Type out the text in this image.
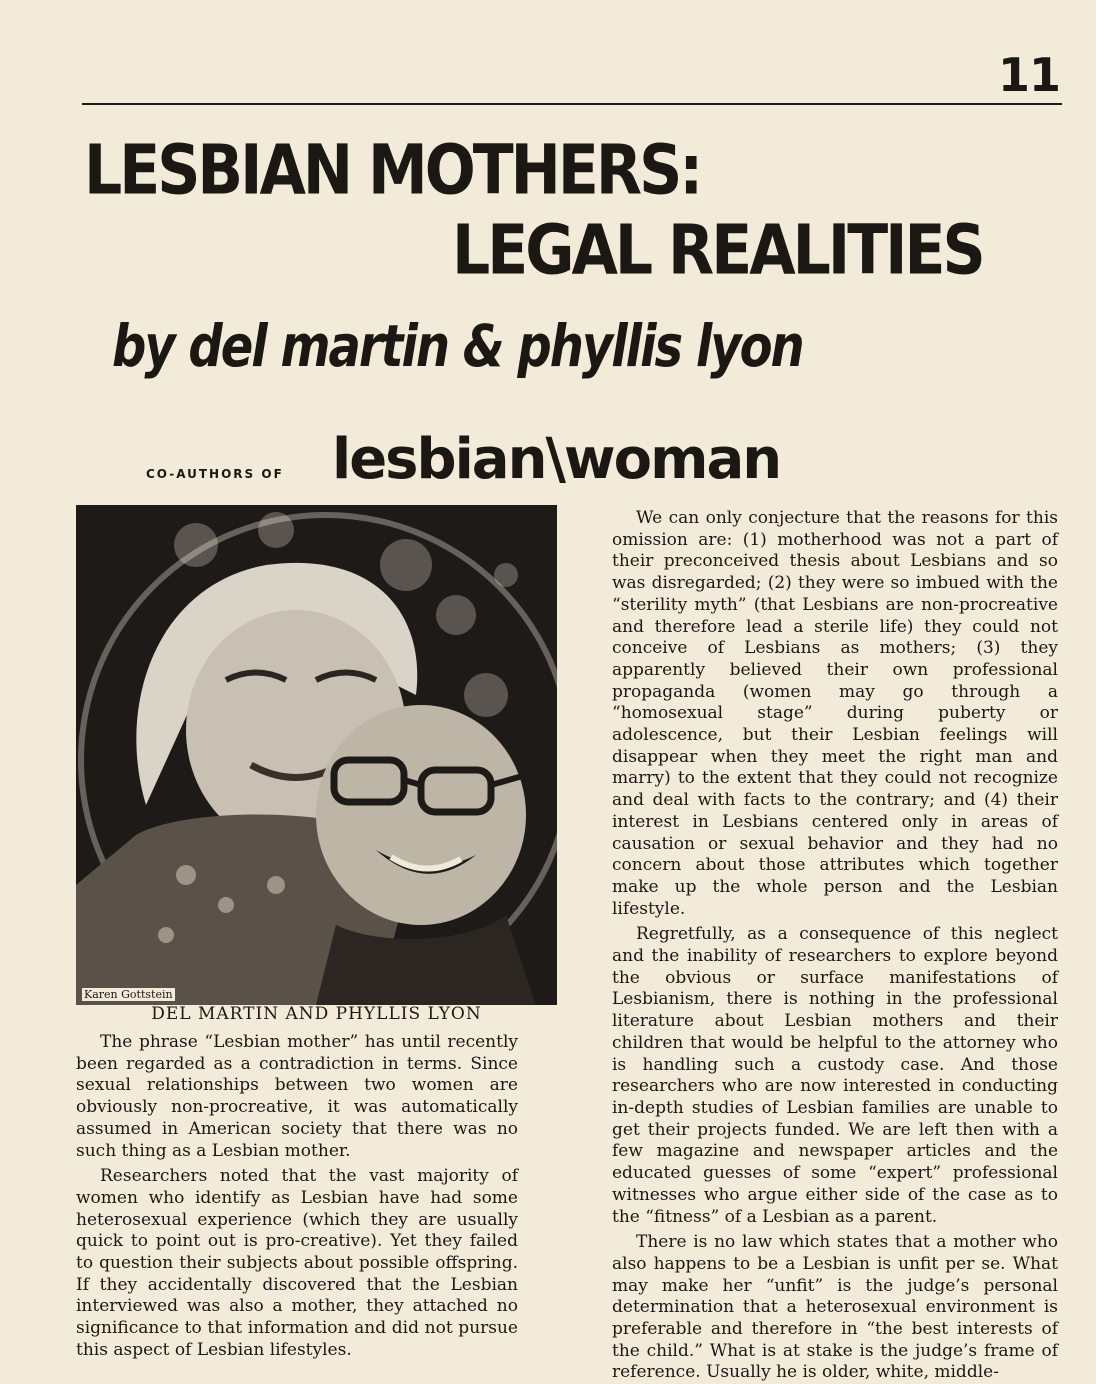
11
LESBIAN MOTHERS:
LEGAL REALITIES
by del martin & phyllis lyon
CO-AUTHORS OF lesbian\woman
Karen Gottstein
DEL MARTIN AND PHYLLIS LYON

The phrase “Lesbian mother” has until recently been regarded as a contradiction in terms. Since sexual relationships between two women are obviously non-procreative, it was automatically assumed in American society that there was no such thing as a Lesbian mother.

Researchers noted that the vast majority of women who identify as Lesbian have had some heterosexual experience (which they are usually quick to point out is pro-creative). Yet they failed to question their subjects about possible offspring. If they accidentally discovered that the Lesbian interviewed was also a mother, they attached no significance to that information and did not pursue this aspect of Lesbian lifestyles.

We can only conjecture that the reasons for this omission are: (1) motherhood was not a part of their preconceived thesis about Lesbians and so was disregarded; (2) they were so imbued with the “sterility myth” (that Lesbians are non-procreative and therefore lead a sterile life) they could not conceive of Lesbians as mothers; (3) they apparently believed their own professional propaganda (women may go through a “homosexual stage” during puberty or adolescence, but their Lesbian feelings will disappear when they meet the right man and marry) to the extent that they could not recognize and deal with facts to the contrary; and (4) their interest in Lesbians centered only in areas of causation or sexual behavior and they had no concern about those attributes which together make up the whole person and the Lesbian lifestyle.

Regretfully, as a consequence of this neglect and the inability of researchers to explore beyond the obvious or surface manifestations of Lesbianism, there is nothing in the professional literature about Lesbian mothers and their children that would be helpful to the attorney who is handling such a custody case. And those researchers who are now interested in conducting in-depth studies of Lesbian families are unable to get their projects funded. We are left then with a few magazine and newspaper articles and the educated guesses of some “expert” professional witnesses who argue either side of the case as to the “fitness” of a Lesbian as a parent.

There is no law which states that a mother who also happens to be a Lesbian is unfit per se. What may make her “unfit” is the judge’s personal determination that a heterosexual environment is preferable and therefore in “the best interests of the child.” What is at stake is the judge’s frame of reference. Usually he is older, white, middle-
